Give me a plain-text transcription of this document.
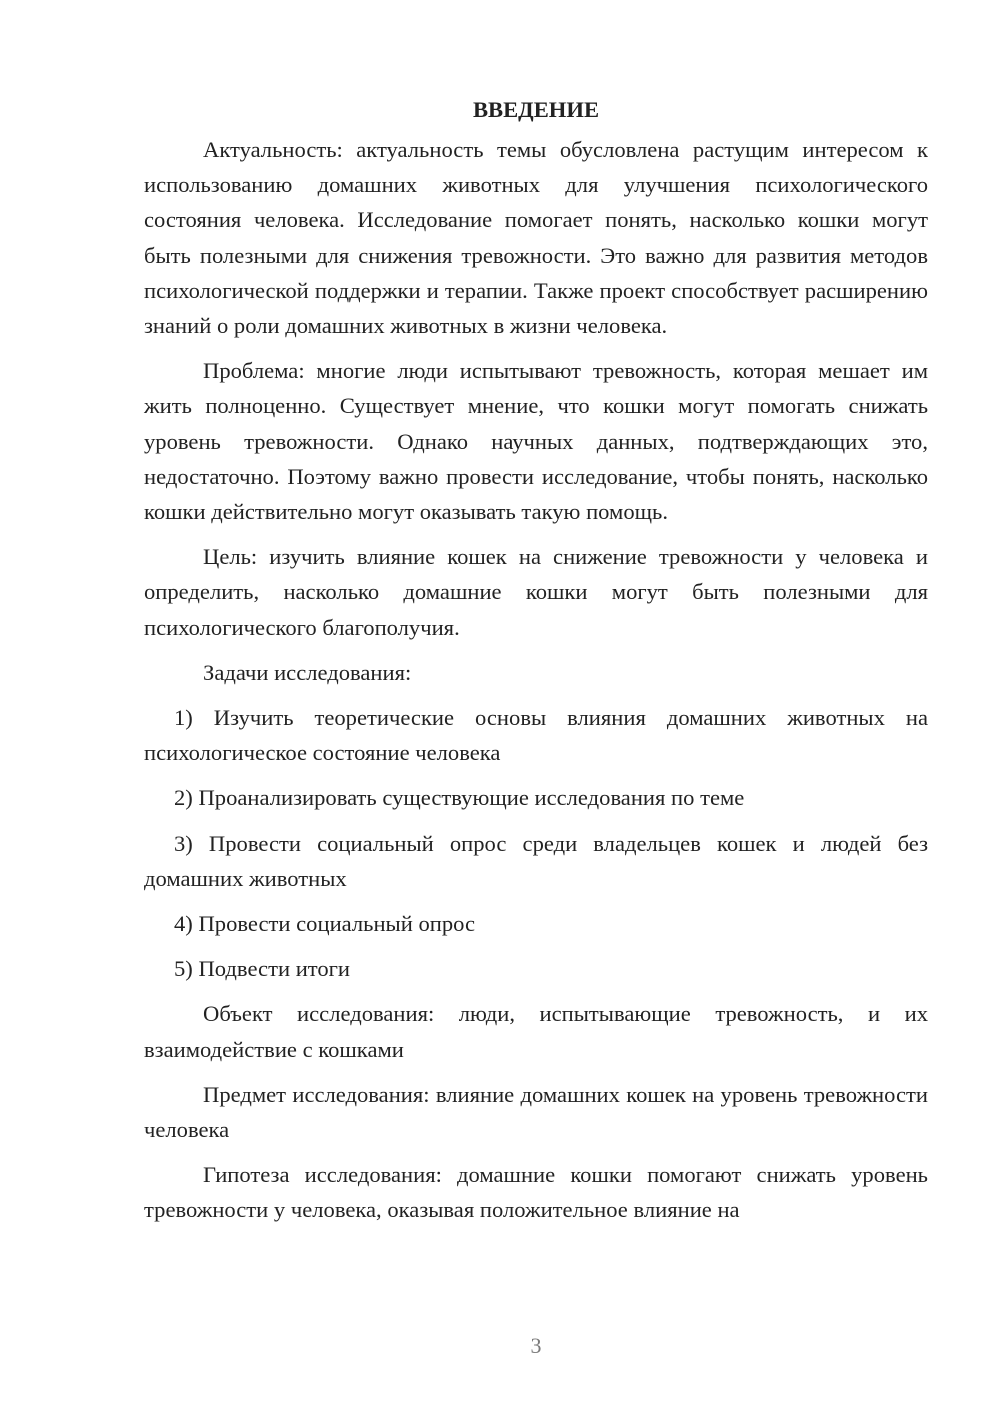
ВВЕДЕНИЕ
Актуальность: актуальность темы обусловлена растущим интересом к использованию домашних животных для улучшения психологического состояния человека. Исследование помогает понять, насколько кошки могут быть полезными для снижения тревожности. Это важно для развития методов психологической поддержки и терапии. Также проект способствует расширению знаний о роли домашних животных в жизни человека.
Проблема: многие люди испытывают тревожность, которая мешает им жить полноценно. Существует мнение, что кошки могут помогать снижать уровень тревожности. Однако научных данных, подтверждающих это, недостаточно. Поэтому важно провести исследование, чтобы понять, насколько кошки действительно могут оказывать такую помощь.
Цель: изучить влияние кошек на снижение тревожности у человека и определить, насколько домашние кошки могут быть полезными для психологического благополучия.
Задачи исследования:
1) Изучить теоретические основы влияния домашних животных на психологическое состояние человека
2) Проанализировать существующие исследования по теме
3) Провести социальный опрос среди владельцев кошек и людей без домашних животных
4) Провести социальный опрос
5) Подвести итоги
Объект исследования: люди, испытывающие тревожность, и их взаимодействие с кошками
Предмет исследования: влияние домашних кошек на уровень тревожности человека
Гипотеза исследования: домашние кошки помогают снижать уровень тревожности у человека, оказывая положительное влияние на
3
